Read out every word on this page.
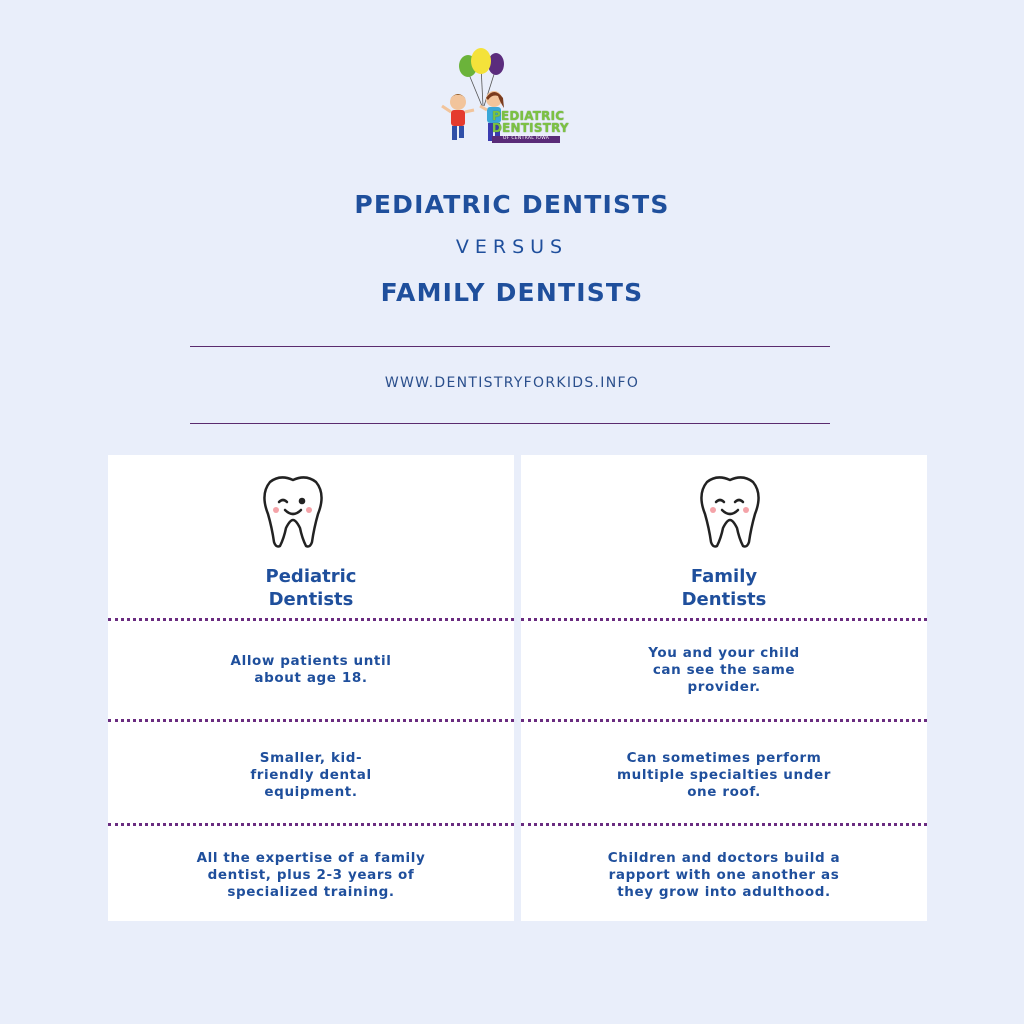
PEDIATRIC
DENTISTRY
OF CENTRAL IOWA
PEDIATRIC DENTISTS
VERSUS
FAMILY DENTISTS
WWW.DENTISTRYFORKIDS.INFO
Pediatric
Dentists
Allow patients until
about age 18.
Smaller, kid-
friendly dental
equipment.
All the expertise of a family
dentist, plus 2-3 years of
specialized training.
Family
Dentists
You and your child
can see the same
provider.
Can sometimes perform
multiple specialties under
one roof.
Children and doctors build a
rapport with one another as
they grow into adulthood.
